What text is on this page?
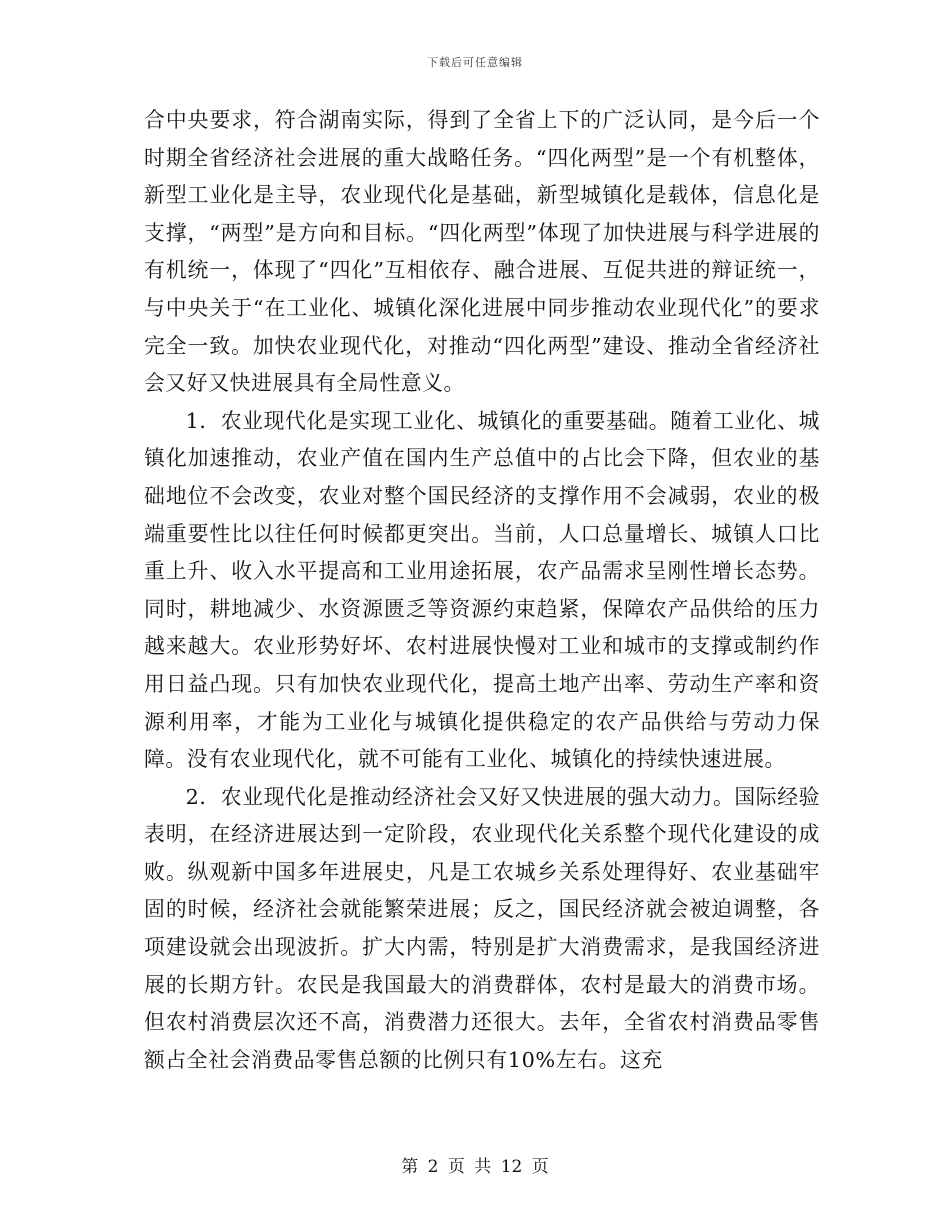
下载后可任意编辑

合中央要求，符合湖南实际，得到了全省上下的广泛认同，是今后一个时期全省经济社会进展的重大战略任务。“四化两型”是一个有机整体，新型工业化是主导，农业现代化是基础，新型城镇化是载体，信息化是支撑，“两型”是方向和目标。“四化两型”体现了加快进展与科学进展的有机统一，体现了“四化”互相依存、融合进展、互促共进的辩证统一，与中央关于“在工业化、城镇化深化进展中同步推动农业现代化”的要求完全一致。加快农业现代化，对推动“四化两型”建设、推动全省经济社会又好又快进展具有全局性意义。

1．农业现代化是实现工业化、城镇化的重要基础。随着工业化、城镇化加速推动，农业产值在国内生产总值中的占比会下降，但农业的基础地位不会改变，农业对整个国民经济的支撑作用不会减弱，农业的极端重要性比以往任何时候都更突出。当前，人口总量增长、城镇人口比重上升、收入水平提高和工业用途拓展，农产品需求呈刚性增长态势。同时，耕地减少、水资源匮乏等资源约束趋紧，保障农产品供给的压力越来越大。农业形势好坏、农村进展快慢对工业和城市的支撑或制约作用日益凸现。只有加快农业现代化，提高土地产出率、劳动生产率和资源利用率，才能为工业化与城镇化提供稳定的农产品供给与劳动力保障。没有农业现代化，就不可能有工业化、城镇化的持续快速进展。

2．农业现代化是推动经济社会又好又快进展的强大动力。国际经验表明，在经济进展达到一定阶段，农业现代化关系整个现代化建设的成败。纵观新中国多年进展史，凡是工农城乡关系处理得好、农业基础牢固的时候，经济社会就能繁荣进展；反之，国民经济就会被迫调整，各项建设就会出现波折。扩大内需，特别是扩大消费需求，是我国经济进展的长期方针。农民是我国最大的消费群体，农村是最大的消费市场。但农村消费层次还不高，消费潜力还很大。去年，全省农村消费品零售额占全社会消费品零售总额的比例只有10%左右。这充

第 2 页 共 12 页
